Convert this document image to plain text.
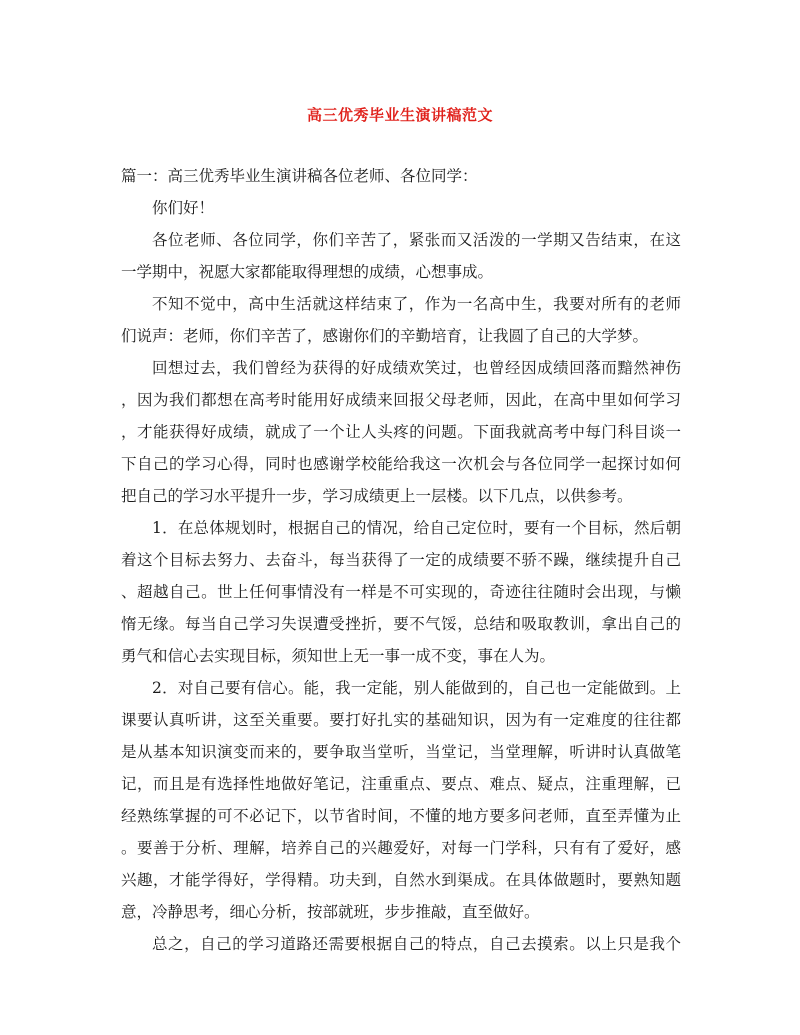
高三优秀毕业生演讲稿范文
篇一：高三优秀毕业生演讲稿各位老师、各位同学：
你们好！
各位老师、各位同学，你们辛苦了，紧张而又活泼的一学期又告结束，在这
一学期中，祝愿大家都能取得理想的成绩，心想事成。
不知不觉中，高中生活就这样结束了，作为一名高中生，我要对所有的老师
们说声：老师，你们辛苦了，感谢你们的辛勤培育，让我圆了自己的大学梦。
回想过去，我们曾经为获得的好成绩欢笑过，也曾经因成绩回落而黯然神伤
，因为我们都想在高考时能用好成绩来回报父母老师，因此，在高中里如何学习
，才能获得好成绩，就成了一个让人头疼的问题。下面我就高考中每门科目谈一
下自己的学习心得，同时也感谢学校能给我这一次机会与各位同学一起探讨如何
把自己的学习水平提升一步，学习成绩更上一层楼。以下几点，以供参考。
1．在总体规划时，根据自己的情况，给自己定位时，要有一个目标，然后朝
着这个目标去努力、去奋斗，每当获得了一定的成绩要不骄不躁，继续提升自己
、超越自己。世上任何事情没有一样是不可实现的，奇迹往往随时会出现，与懒
惰无缘。每当自己学习失误遭受挫折，要不气馁，总结和吸取教训，拿出自己的
勇气和信心去实现目标，须知世上无一事一成不变，事在人为。
2．对自己要有信心。能，我一定能，别人能做到的，自己也一定能做到。上
课要认真听讲，这至关重要。要打好扎实的基础知识，因为有一定难度的往往都
是从基本知识演变而来的，要争取当堂听，当堂记，当堂理解，听讲时认真做笔
记，而且是有选择性地做好笔记，注重重点、要点、难点、疑点，注重理解，已
经熟练掌握的可不必记下，以节省时间，不懂的地方要多问老师，直至弄懂为止
。要善于分析、理解，培养自己的兴趣爱好，对每一门学科，只有有了爱好，感
兴趣，才能学得好，学得精。功夫到，自然水到渠成。在具体做题时，要熟知题
意，冷静思考，细心分析，按部就班，步步推敲，直至做好。
总之，自己的学习道路还需要根据自己的特点，自己去摸索。以上只是我个
